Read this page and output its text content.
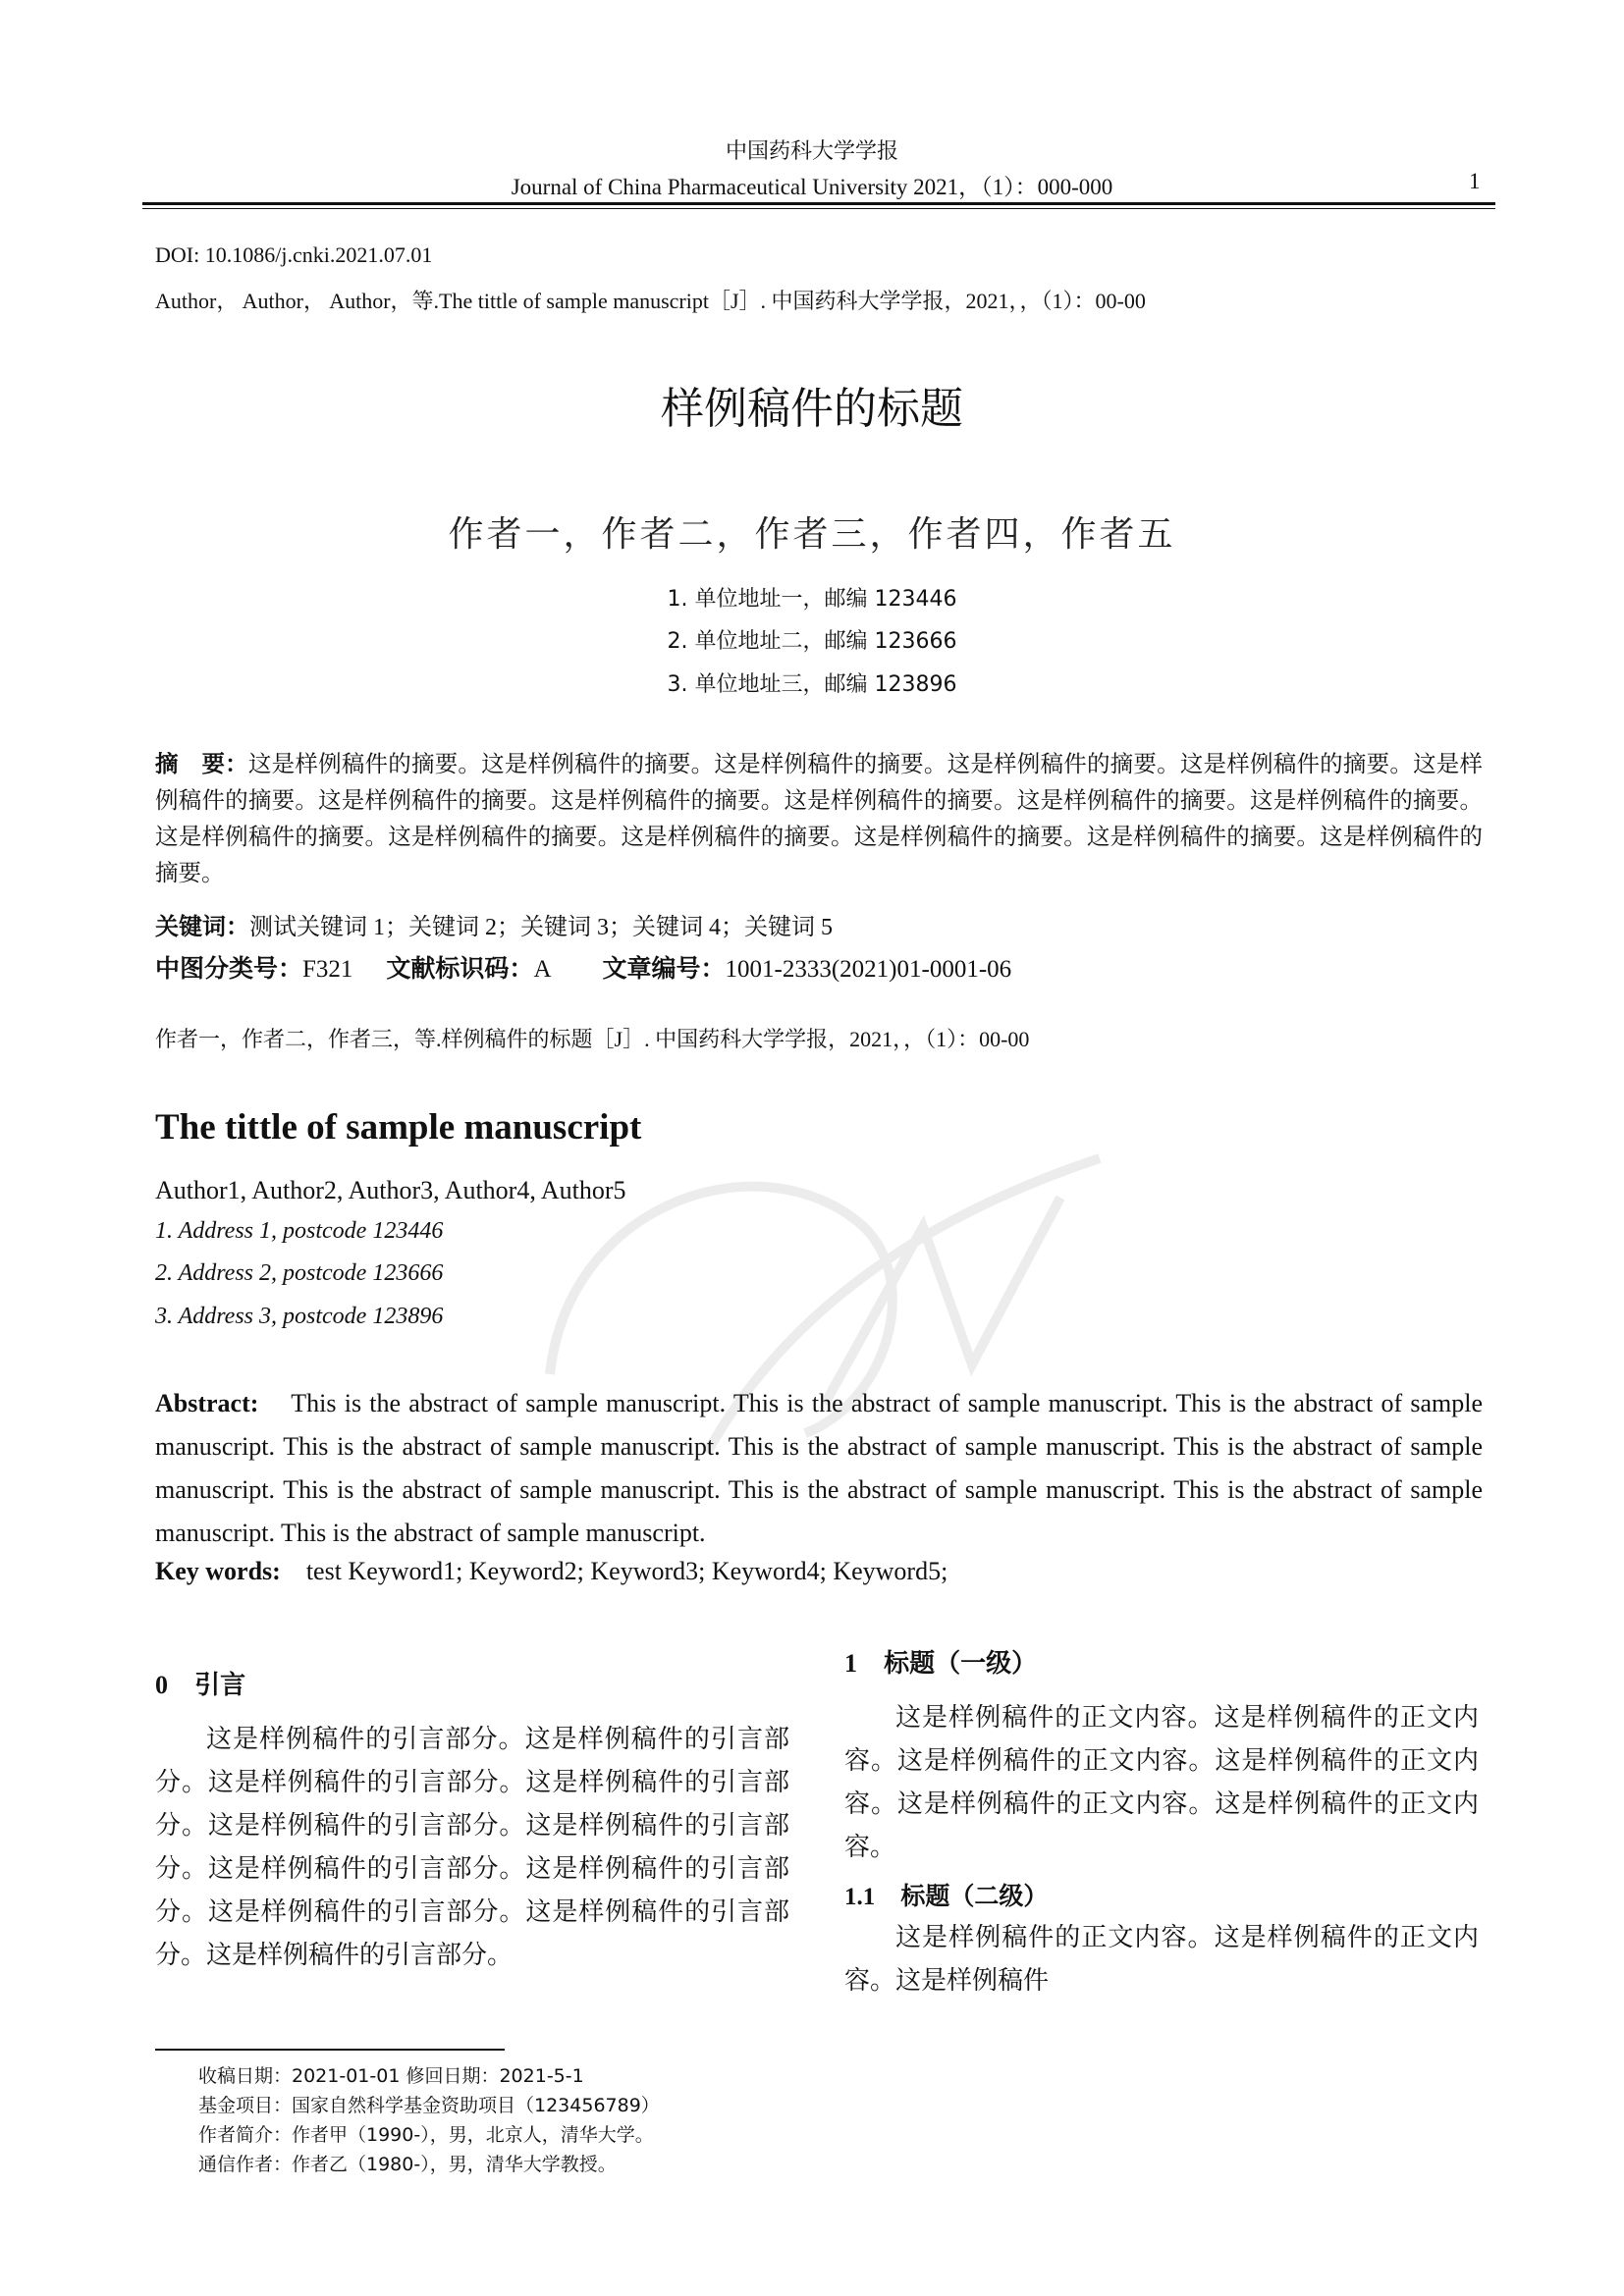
中国药科大学学报
Journal of China Pharmaceutical University 2021，（1）：000-000	1
DOI: 10.1086/j.cnki.2021.07.01
Author， Author， Author，等.The tittle of sample manuscript［J］. 中国药科大学学报，2021，，（1）：00-00
样例稿件的标题
作者一，作者二，作者三，作者四，作者五
1. 单位地址一，邮编 123446
2. 单位地址二，邮编 123666
3. 单位地址三，邮编 123896
摘　要：这是样例稿件的摘要。这是样例稿件的摘要。这是样例稿件的摘要。这是样例稿件的摘要。这是样例稿件的摘要。这是样例稿件的摘要。这是样例稿件的摘要。这是样例稿件的摘要。这是样例稿件的摘要。这是样例稿件的摘要。这是样例稿件的摘要。这是样例稿件的摘要。这是样例稿件的摘要。这是样例稿件的摘要。这是样例稿件的摘要。这是样例稿件的摘要。这是样例稿件的摘要。
关键词：测试关键词 1；关键词 2；关键词 3；关键词 4；关键词 5
中图分类号：F321 文献标识码：A 文章编号：1001-2333(2021)01-0001-06
作者一，作者二，作者三，等.样例稿件的标题［J］. 中国药科大学学报，2021，，（1）：00-00
The tittle of sample manuscript
Author1, Author2, Author3, Author4, Author5
1. Address 1, postcode 123446
2. Address 2, postcode 123666
3. Address 3, postcode 123896
Abstract: This is the abstract of sample manuscript. This is the abstract of sample manuscript. This is the abstract of sample manuscript. This is the abstract of sample manuscript. This is the abstract of sample manuscript. This is the abstract of sample manuscript. This is the abstract of sample manuscript. This is the abstract of sample manuscript. This is the abstract of sample manuscript. This is the abstract of sample manuscript.
Key words: test Keyword1; Keyword2; Keyword3; Keyword4; Keyword5;
0 引言
这是样例稿件的引言部分。这是样例稿件的引言部分。这是样例稿件的引言部分。这是样例稿件的引言部分。这是样例稿件的引言部分。这是样例稿件的引言部分。这是样例稿件的引言部分。这是样例稿件的引言部分。这是样例稿件的引言部分。这是样例稿件的引言部分。这是样例稿件的引言部分。
1 标题（一级）
这是样例稿件的正文内容。这是样例稿件的正文内容。这是样例稿件的正文内容。这是样例稿件的正文内容。这是样例稿件的正文内容。这是样例稿件的正文内容。
1.1 标题（二级）
这是样例稿件的正文内容。这是样例稿件的正文内容。这是样例稿件
收稿日期：2021-01-01 修回日期：2021-5-1
基金项目：国家自然科学基金资助项目（123456789）
作者简介：作者甲（1990-），男，北京人，清华大学。
通信作者：作者乙（1980-），男，清华大学教授。
